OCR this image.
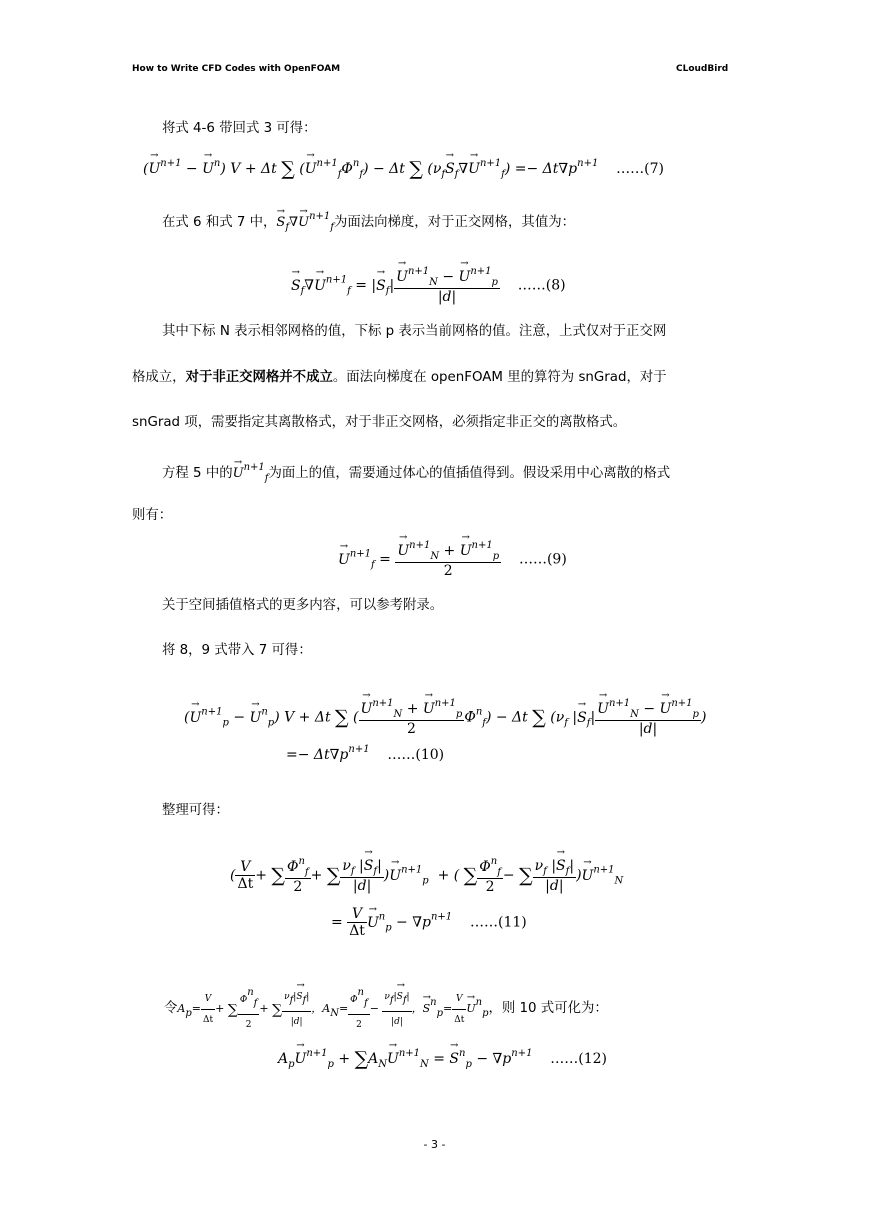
How to Write CFD Codes with OpenFOAM	CLoudBird
将式 4-6 带回式 3 可得：
(→ $U^{n+1}$ − → $U^n$) V + Δt ∑ (→ $U^{n+1}_f\Phi^n_f) - \Delta t$ ∑ $(\nu_f\to S_f\nabla\to U^{n+1}_f) =- \Delta t\nabla p^{n+1}$ ……(7)
在式 6 和式 7 中，→ $S_f\nabla\to U^{n+1}_f$为面法向梯度，对于正交网格，其值为：
→ $S_f\nabla\to U^{n+1}_f$ = |→ $S_f|$
→ $\frac{U^{n+1}_N - \to U^{n+1}_p}{|d|}$ ……(8)
其中下标 N 表示相邻网格的值，下标 p 表示当前网格的值。注意，上式仅对于正交网
格成立，对于非正交网格并不成立。面法向梯度在 openFOAM 里的算符为 snGrad，对于
snGrad 项，需要指定其离散格式，对于非正交网格，必须指定非正交的离散格式。
方程 5 中的→ $U^{n+1}_f$为面上的值，需要通过体心的值插值得到。假设采用中心离散的格式
则有：
→ $U^{n+1}_f$ =
→ $\frac{U^{n+1}_N + \to U^{n+1}_p}{2}$ ……(9)
关于空间插值格式的更多内容，可以参考附录。
将 8，9 式带入 7 可得：
(→ $U^{n+1}_p$ − → $U^n_p$) V + Δt ∑ (
→ $\frac{U^{n+1}_N + \to U^{n+1}_p}{2} \Phi^n_f) - \Delta t$ ∑ ($\nu_f$ |→ $S_f|$
→ $\frac{U^{n+1}_N - \to U^{n+1}_p}{|d|}$ )
=− $\Delta t\nabla p^{n+1}$ ……(10)
整理可得：
( $\frac{V}{\Delta t}$ + ∑ $\frac{\Phi^n_f}{2}$ + ∑ $\frac{\nu_f |\to S_f|}{|d|}$ )→ $U^{n+1}_p$  + ( ∑ $\frac{\Phi^n_f}{2}$ − ∑ $\frac{\nu_f |\to S_f|}{|d|}$ )→ $U^{n+1}_N$
= $\frac{V}{\Delta t}$
→ $U^n_p - \nabla p^{n+1}$ ……(11)
令$Ap= \frac{V}{\Delta t}$ + ∑ $\frac{\text{Φnf}}{2}$ + ∑ $\frac{\nu f|\to Sf|}{|d|}$ ，$AN= \frac{\text{Φnf}}{2} - \frac{\nu f|\to Sf|}{|d|}$ ，→ $Snp= \frac{V}{\Delta t}$
→ Unp，则 10 式可化为：
$A_p\to U^{n+1}_p + \sum A_N\to U^{n+1}_N$ = → $S^n_p - \nabla p^{n+1}$ ……(12)
- 3 -
